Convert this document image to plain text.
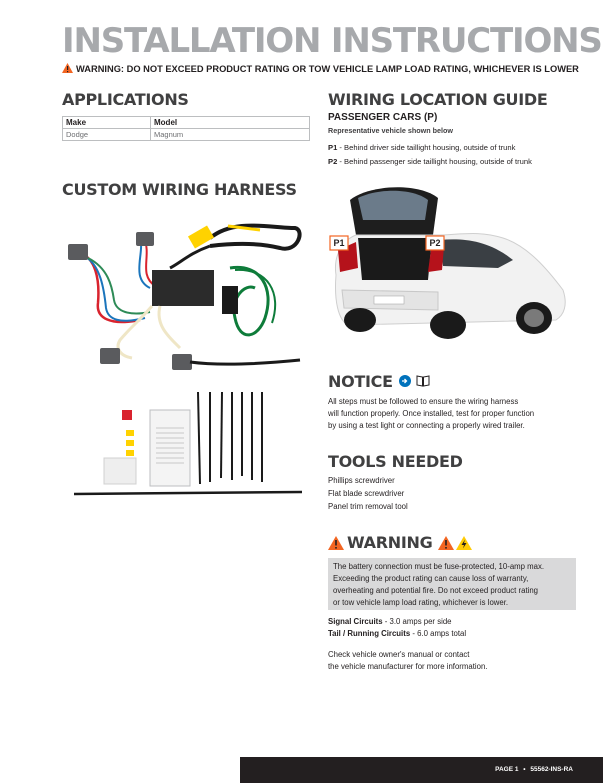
INSTALLATION INSTRUCTIONS
WARNING: DO NOT EXCEED PRODUCT RATING OR TOW VEHICLE LAMP LOAD RATING, WHICHEVER IS LOWER
APPLICATIONS
Make	Model
Dodge	Magnum
CUSTOM WIRING HARNESS
WIRING LOCATION GUIDE
PASSENGER CARS (P)
Representative vehicle shown below
P1 - Behind driver side taillight housing, outside of trunk
P2 - Behind passenger side taillight housing, outside of trunk
P1	P2
NOTICE
All steps must be followed to ensure the wiring harness
will function properly. Once installed, test for proper function
by using a test light or connecting a properly wired trailer.
TOOLS NEEDED
Phillips screwdriver
Flat blade screwdriver
Panel trim removal tool
WARNING
The battery connection must be fuse-protected, 10-amp max.
Exceeding the product rating can cause loss of warranty,
overheating and potential fire. Do not exceed product rating
or tow vehicle lamp load rating, whichever is lower.
Signal Circuits - 3.0 amps per side
Tail / Running Circuits - 6.0 amps total
Check vehicle owner's manual or contact
the vehicle manufacturer for more information.
PAGE 1 • 55562-INS-RA
